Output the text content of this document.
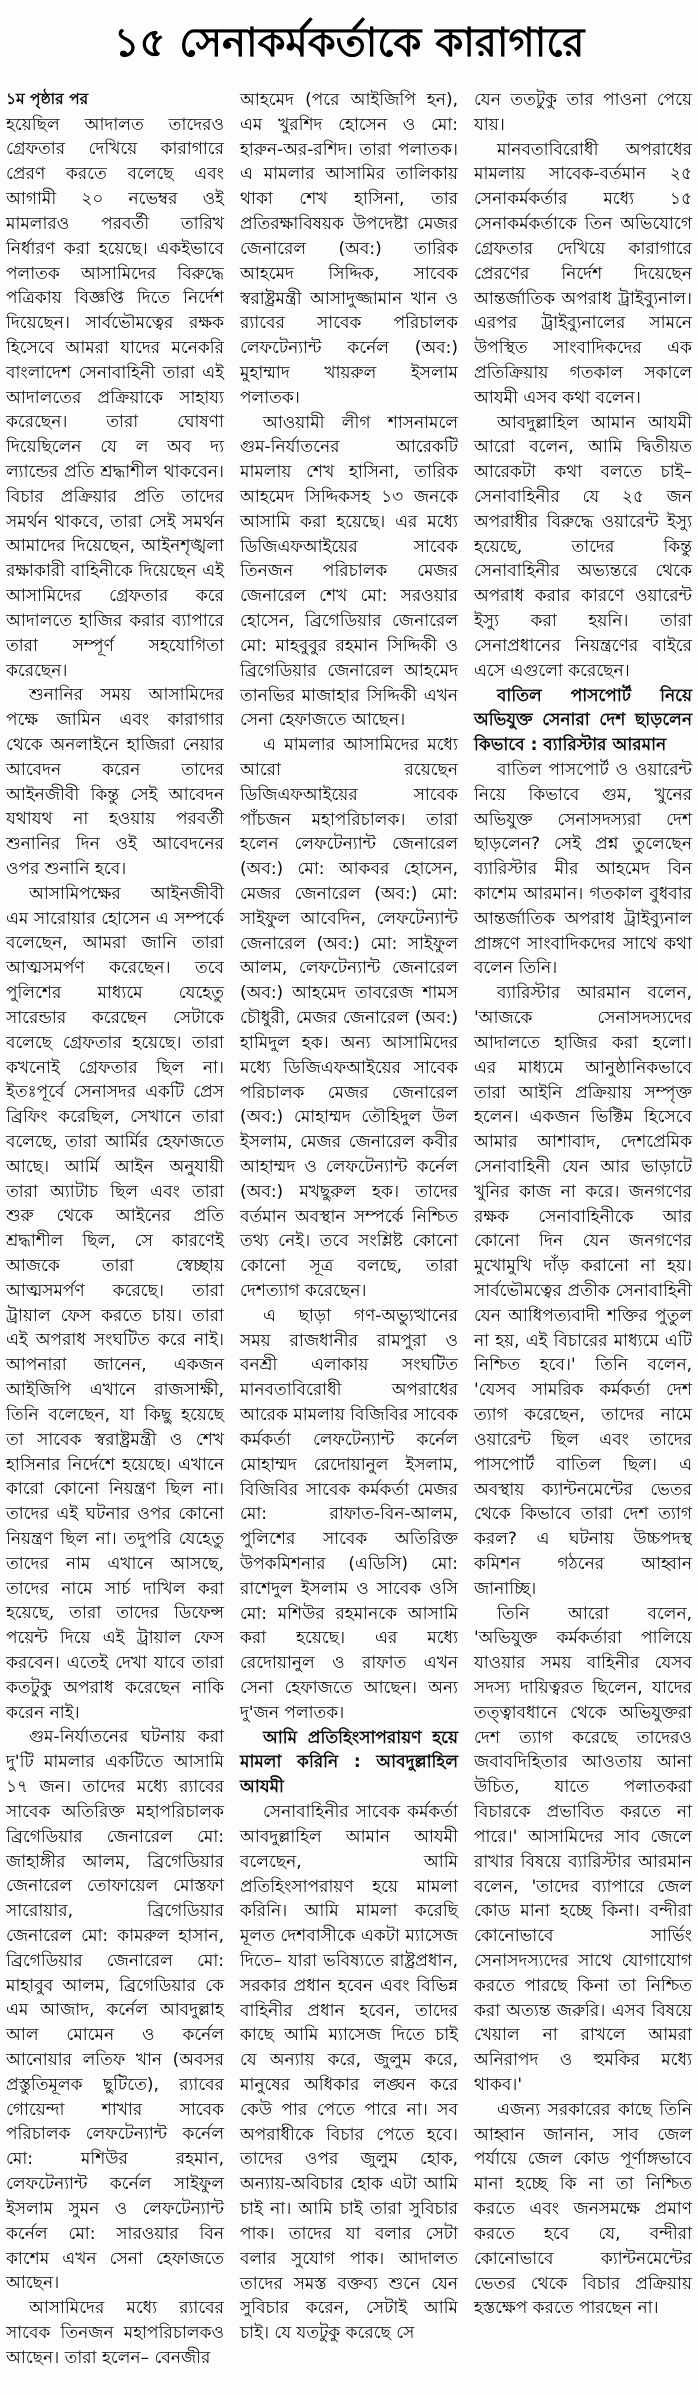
১৫ সেনাকর্মকর্তাকে কারাগারে

১ম পৃষ্ঠার পর

হয়েছিল আদালত তাদেরও গ্রেফতার দেখিয়ে কারাগারে প্রেরণ করতে বলেছে এবং আগামী ২০ নভেম্বর ওই মামলারও পরবর্তী তারিখ নির্ধারণ করা হয়েছে। একইভাবে পলাতক আসামিদের বিরুদ্ধে পত্রিকায় বিজ্ঞপ্তি দিতে নির্দেশ দিয়েছেন। সার্বভৌমত্বের রক্ষক হিসেবে আমরা যাদের মনেকরি বাংলাদেশ সেনাবাহিনী তারা এই আদালতের প্রক্রিয়াকে সাহায্য করেছেন। তারা ঘোষণা দিয়েছিলেন যে ল অব দ্য ল্যান্ডের প্রতি শ্রদ্ধাশীল থাকবেন। বিচার প্রক্রিয়ার প্রতি তাদের সমর্থন থাকবে, তারা সেই সমর্থন আমাদের দিয়েছেন, আইনশৃঙ্খলা রক্ষাকারী বাহিনীকে দিয়েছেন এই আসামিদের গ্রেফতার করে আদালতে হাজির করার ব্যাপারে তারা সম্পূর্ণ সহযোগিতা করেছেন।

শুনানির সময় আসামিদের পক্ষে জামিন এবং কারাগার থেকে অনলাইনে হাজিরা নেয়ার আবেদন করেন তাদের আইনজীবী কিন্তু সেই আবেদন যথাযথ না হওয়ায় পরবর্তী শুনানির দিন ওই আবেদনের ওপর শুনানি হবে।

আসামিপক্ষের আইনজীবী এম সারোয়ার হোসেন এ সম্পর্কে বলেছেন, আমরা জানি তারা আত্মসমর্পণ করেছেন। তবে পুলিশের মাধ্যমে যেহেতু সারেন্ডার করেছেন সেটাকে বলেছে গ্রেফতার হয়েছে। তারা কখনোই গ্রেফতার ছিল না। ইতঃপূর্বে সেনাসদর একটি প্রেস ব্রিফিং করেছিল, সেখানে তারা বলেছে, তারা আর্মির হেফাজতে আছে। আর্মি আইন অনুযায়ী তারা অ্যাটাচ ছিল এবং তারা শুরু থেকে আইনের প্রতি শ্রদ্ধাশীল ছিল, সে কারণেই আজকে তারা স্বেচ্ছায় আত্মসমর্পণ করেছে। তারা ট্রায়াল ফেস করতে চায়। তারা এই অপরাধ সংঘটিত করে নাই। আপনারা জানেন, একজন আইজিপি এখানে রাজসাক্ষী, তিনি বলেছেন, যা কিছু হয়েছে তা সাবেক স্বরাষ্ট্রমন্ত্রী ও শেখ হাসিনার নির্দেশে হয়েছে। এখানে কারো কোনো নিয়ন্ত্রণ ছিল না। তাদের এই ঘটনার ওপর কোনো নিয়ন্ত্রণ ছিল না। তদুপরি যেহেতু তাদের নাম এখানে আসছে, তাদের নামে সার্চ দাখিল করা হয়েছে, তারা তাদের ডিফেন্স পয়েন্ট দিয়ে এই ট্রায়াল ফেস করবেন। এতেই দেখা যাবে তারা কতটুকু অপরাধ করেছেন নাকি করেন নাই।

গুম-নির্যাতনের ঘটনায় করা দু'টি মামলার একটিতে আসামি ১৭ জন। তাদের মধ্যে র‍্যাবের সাবেক অতিরিক্ত মহাপরিচালক ব্রিগেডিয়ার জেনারেল মো: জাহাঙ্গীর আলম, ব্রিগেডিয়ার জেনারেল তোফায়েল মোস্তফা সারোয়ার, ব্রিগেডিয়ার জেনারেল মো: কামরুল হাসান, ব্রিগেডিয়ার জেনারেল মো: মাহাবুব আলম, ব্রিগেডিয়ার কে এম আজাদ, কর্নেল আবদুল্লাহ আল মোমেন ও কর্নেল আনোয়ার লতিফ খান (অবসর প্রস্তুতিমূলক ছুটিতে), র‍্যাবের গোয়েন্দা শাখার সাবেক পরিচালক লেফটেন্যান্ট কর্নেল মো: মশিউর রহমান, লেফটেন্যান্ট কর্নেল সাইফুল ইসলাম সুমন ও লেফটেন্যান্ট কর্নেল মো: সারওয়ার বিন কাশেম এখন সেনা হেফাজতে আছেন।

আসামিদের মধ্যে র‍্যাবের সাবেক তিনজন মহাপরিচালকও আছেন। তারা হলেন– বেনজীর

আহমেদ (পরে আইজিপি হন), এম খুরশিদ হোসেন ও মো: হারুন-অর-রশিদ। তারা পলাতক। এ মামলার আসামির তালিকায় থাকা শেখ হাসিনা, তার প্রতিরক্ষাবিষয়ক উপদেষ্টা মেজর জেনারেল (অব:) তারিক আহমেদ সিদ্দিক, সাবেক স্বরাষ্ট্রমন্ত্রী আসাদুজ্জামান খান ও র‍্যাবের সাবেক পরিচালক লেফটেন্যান্ট কর্নেল (অব:) মুহাম্মাদ খায়রুল ইসলাম পলাতক।

আওয়ামী লীগ শাসনামলে গুম-নির্যাতনের আরেকটি মামলায় শেখ হাসিনা, তারিক আহমেদ সিদ্দিকসহ ১৩ জনকে আসামি করা হয়েছে। এর মধ্যে ডিজিএফআইয়ের সাবেক তিনজন পরিচালক মেজর জেনারেল শেখ মো: সরওয়ার হোসেন, ব্রিগেডিয়ার জেনারেল মো: মাহবুবুর রহমান সিদ্দিকী ও ব্রিগেডিয়ার জেনারেল আহমেদ তানভির মাজাহার সিদ্দিকী এখন সেনা হেফাজতে আছেন।

এ মামলার আসামিদের মধ্যে আরো রয়েছেন ডিজিএফআইয়ের সাবেক পাঁচজন মহাপরিচালক। তারা হলেন লেফটেন্যান্ট জেনারেল (অব:) মো: আকবর হোসেন, মেজর জেনারেল (অব:) মো: সাইফুল আবেদিন, লেফটেন্যান্ট জেনারেল (অব:) মো: সাইফুল আলম, লেফটেন্যান্ট জেনারেল (অব:) আহমেদ তাবরেজ শামস চৌধুরী, মেজর জেনারেল (অব:) হামিদুল হক। অন্য আসামিদের মধ্যে ডিজিএফআইয়ের সাবেক পরিচালক মেজর জেনারেল (অব:) মোহাম্মদ তৌহিদুল উল ইসলাম, মেজর জেনারেল কবীর আহাম্মদ ও লেফটেন্যান্ট কর্নেল (অব:) মখছুরুল হক। তাদের বর্তমান অবস্থান সম্পর্কে নিশ্চিত তথ্য নেই। তবে সংশ্লিষ্ট কোনো কোনো সূত্র বলছে, তারা দেশত্যাগ করেছেন।

এ ছাড়া গণ-অভ্যুত্থানের সময় রাজধানীর রামপুরা ও বনশ্রী এলাকায় সংঘটিত মানবতাবিরোধী অপরাধের আরেক মামলায় বিজিবির সাবেক কর্মকর্তা লেফটেন্যান্ট কর্নেল মোহাম্মদ রেদোয়ানুল ইসলাম, বিজিবির সাবেক কর্মকর্তা মেজর মো: রাফাত-বিন-আলম, পুলিশের সাবেক অতিরিক্ত উপকমিশনার (এডিসি) মো: রাশেদুল ইসলাম ও সাবেক ওসি মো: মশিউর রহমানকে আসামি করা হয়েছে। এর মধ্যে রেদোয়ানুল ও রাফাত এখন সেনা হেফাজতে আছেন। অন্য দু'জন পলাতক।

আমি প্রতিহিংসাপরায়ণ হয়ে মামলা করিনি : আবদুল্লাহিল আযমী

সেনাবাহিনীর সাবেক কর্মকর্তা আবদুল্লাহিল আমান আযমী বলেছেন, আমি প্রতিহিংসাপরায়ণ হয়ে মামলা করিনি। আমি মামলা করেছি মূলত দেশবাসীকে একটা ম্যাসেজ দিতে– যারা ভবিষ্যতে রাষ্ট্রপ্রধান, সরকার প্রধান হবেন এবং বিভিন্ন বাহিনীর প্রধান হবেন, তাদের কাছে আমি ম্যাসেজ দিতে চাই যে অন্যায় করে, জুলুম করে, মানুষের অধিকার লঙ্ঘন করে কেউ পার পেতে পারে না। সব অপরাধীকে বিচার পেতে হবে। তাদের ওপর জুলুম হোক, অন্যায়-অবিচার হোক এটা আমি চাই না। আমি চাই তারা সুবিচার পাক। তাদের যা বলার সেটা বলার সুযোগ পাক। আদালত তাদের সমস্ত বক্তব্য শুনে যেন সুবিচার করেন, সেটাই আমি চাই। যে যতটুকু করেছে সে

যেন ততটুকু তার পাওনা পেয়ে যায়।

মানবতাবিরোধী অপরাধের মামলায় সাবেক-বর্তমান ২৫ সেনাকর্মকর্তার মধ্যে ১৫ সেনাকর্মকর্তাকে তিন অভিযোগে গ্রেফতার দেখিয়ে কারাগারে প্রেরণের নির্দেশ দিয়েছেন আন্তর্জাতিক অপরাধ ট্রাইব্যুনাল। এরপর ট্রাইব্যুনালের সামনে উপস্থিত সাংবাদিকদের এক প্রতিক্রিয়ায় গতকাল সকালে আযমী এসব কথা বলেন।

আবদুল্লাহিল আমান আযমী আরো বলেন, আমি দ্বিতীয়ত আরেকটা কথা বলতে চাই– সেনাবাহিনীর যে ২৫ জন অপরাধীর বিরুদ্ধে ওয়ারেন্ট ইস্যু হয়েছে, তাদের কিন্তু সেনাবাহিনীর অভ্যন্তরে থেকে অপরাধ করার কারণে ওয়ারেন্ট ইস্যু করা হয়নি। তারা সেনাপ্রধানের নিয়ন্ত্রণের বাইরে এসে এগুলো করেছেন।

বাতিল পাসপোর্ট নিয়ে অভিযুক্ত সেনারা দেশ ছাড়লেন কিভাবে : ব্যারিস্টার আরমান

বাতিল পাসপোর্ট ও ওয়ারেন্ট নিয়ে কিভাবে গুম, খুনের অভিযুক্ত সেনাসদস্যরা দেশ ছাড়লেন? সেই প্রশ্ন তুলেছেন ব্যারিস্টার মীর আহমেদ বিন কাশেম আরমান। গতকাল বুধবার আন্তর্জাতিক অপরাধ ট্রাইব্যুনাল প্রাঙ্গণে সাংবাদিকদের সাথে কথা বলেন তিনি।

ব্যারিস্টার আরমান বলেন, 'আজকে সেনাসদস্যদের আদালতে হাজির করা হলো। এর মাধ্যমে আনুষ্ঠানিকভাবে তারা আইনি প্রক্রিয়ায় সম্পৃক্ত হলেন। একজন ভিক্টিম হিসেবে আমার আশাবাদ, দেশপ্রেমিক সেনাবাহিনী যেন আর ভাড়াটে খুনির কাজ না করে। জনগণের রক্ষক সেনাবাহিনীকে আর কোনো দিন যেন জনগণের মুখোমুখি দাঁড় করানো না হয়। সার্বভৌমত্বের প্রতীক সেনাবাহিনী যেন আধিপত্যবাদী শক্তির পুতুল না হয়, এই বিচারের মাধ্যমে এটি নিশ্চিত হবে।' তিনি বলেন, 'যেসব সামরিক কর্মকর্তা দেশ ত্যাগ করেছেন, তাদের নামে ওয়ারেন্ট ছিল এবং তাদের পাসপোর্ট বাতিল ছিল। এ অবস্থায় ক্যান্টনমেন্টের ভেতর থেকে কিভাবে তারা দেশ ত্যাগ করল? এ ঘটনায় উচ্চপদস্থ কমিশন গঠনের আহ্বান জানাচ্ছি।

তিনি আরো বলেন, 'অভিযুক্ত কর্মকর্তারা পালিয়ে যাওয়ার সময় বাহিনীর যেসব সদস্য দায়িত্বরত ছিলেন, যাদের তত্ত্বাবধানে থেকে অভিযুক্তরা দেশ ত্যাগ করেছে তাদেরও জবাবদিহিতার আওতায় আনা উচিত, যাতে পলাতকরা বিচারকে প্রভাবিত করতে না পারে।' আসামিদের সাব জেলে রাখার বিষয়ে ব্যারিস্টার আরমান বলেন, 'তাদের ব্যাপারে জেল কোড মানা হচ্ছে কিনা। বন্দীরা কোনোভাবে সার্ভিং সেনাসদস্যদের সাথে যোগাযোগ করতে পারছে কিনা তা নিশ্চিত করা অত্যন্ত জরুরি। এসব বিষয়ে খেয়াল না রাখলে আমরা অনিরাপদ ও হুমকির মধ্যে থাকব।'

এজন্য সরকারের কাছে তিনি আহ্বান জানান, সাব জেল পর্যায়ে জেল কোড পূর্ণাঙ্গভাবে মানা হচ্ছে কি না তা নিশ্চিত করতে এবং জনসমক্ষে প্রমাণ করতে হবে যে, বন্দীরা কোনোভাবে ক্যান্টনমেন্টের ভেতর থেকে বিচার প্রক্রিয়ায় হস্তক্ষেপ করতে পারছেন না।
